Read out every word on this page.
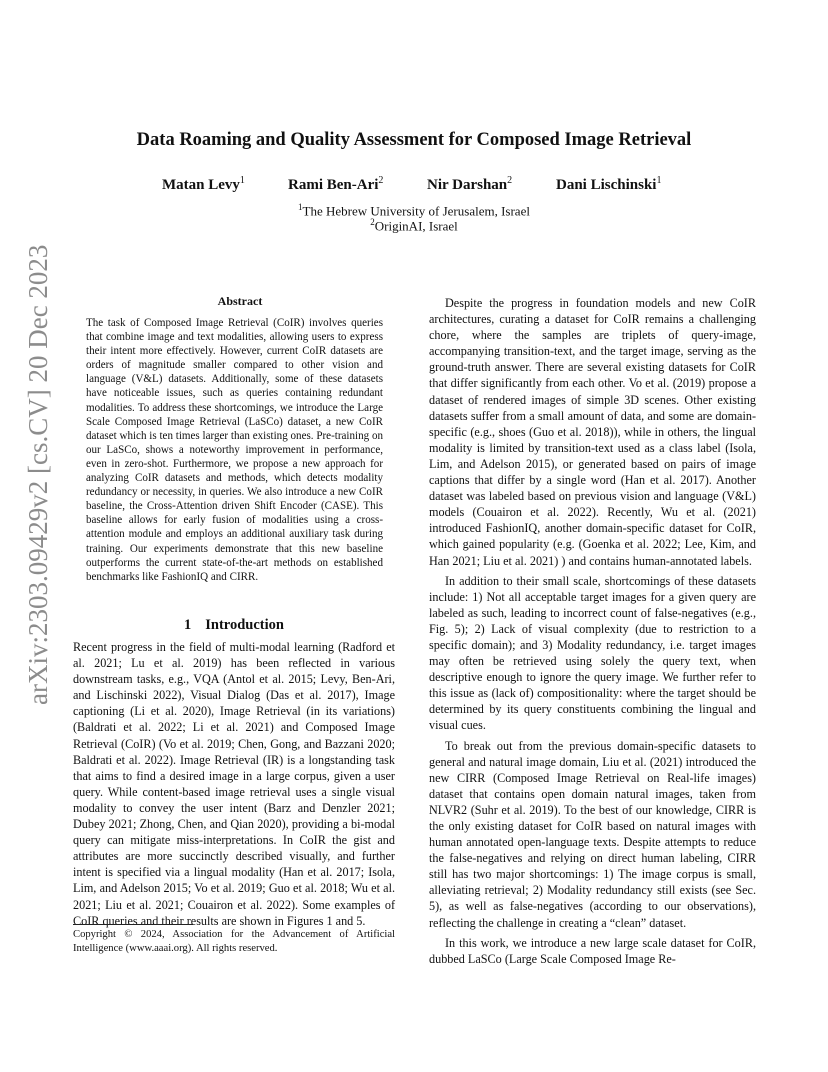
arXiv:2303.09429v2 [cs.CV] 20 Dec 2023
Data Roaming and Quality Assessment for Composed Image Retrieval
Matan Levy$^1$	Rami Ben-Ari$^2$	Nir Darshan$^2$	Dani Lischinski$^1$
$^1$The Hebrew University of Jerusalem, Israel
$^2$OriginAI, Israel
Abstract
The task of Composed Image Retrieval (CoIR) involves queries that combine image and text modalities, allowing users to express their intent more effectively. However, current CoIR datasets are orders of magnitude smaller compared to other vision and language (V&L) datasets. Additionally, some of these datasets have noticeable issues, such as queries containing redundant modalities. To address these shortcomings, we introduce the Large Scale Composed Image Retrieval (LaSCo) dataset, a new CoIR dataset which is ten times larger than existing ones. Pre-training on our LaSCo, shows a noteworthy improvement in performance, even in zero-shot. Furthermore, we propose a new approach for analyzing CoIR datasets and methods, which detects modality redundancy or necessity, in queries. We also introduce a new CoIR baseline, the Cross-Attention driven Shift Encoder (CASE). This baseline allows for early fusion of modalities using a cross-attention module and employs an additional auxiliary task during training. Our experiments demonstrate that this new baseline outperforms the current state-of-the-art methods on established benchmarks like FashionIQ and CIRR.
1 Introduction
Recent progress in the field of multi-modal learning (Radford et al. 2021; Lu et al. 2019) has been reflected in various downstream tasks, e.g., VQA (Antol et al. 2015; Levy, Ben-Ari, and Lischinski 2022), Visual Dialog (Das et al. 2017), Image captioning (Li et al. 2020), Image Retrieval (in its variations) (Baldrati et al. 2022; Li et al. 2021) and Composed Image Retrieval (CoIR) (Vo et al. 2019; Chen, Gong, and Bazzani 2020; Baldrati et al. 2022). Image Retrieval (IR) is a longstanding task that aims to find a desired image in a large corpus, given a user query. While content-based image retrieval uses a single visual modality to convey the user intent (Barz and Denzler 2021; Dubey 2021; Zhong, Chen, and Qian 2020), providing a bi-modal query can mitigate miss-interpretations. In CoIR the gist and attributes are more succinctly described visually, and further intent is specified via a lingual modality (Han et al. 2017; Isola, Lim, and Adelson 2015; Vo et al. 2019; Guo et al. 2018; Wu et al. 2021; Liu et al. 2021; Couairon et al. 2022). Some examples of CoIR queries and their results are shown in Figures 1 and 5.
Copyright © 2024, Association for the Advancement of Artificial Intelligence (www.aaai.org). All rights reserved.

Despite the progress in foundation models and new CoIR architectures, curating a dataset for CoIR remains a challenging chore, where the samples are triplets of query-image, accompanying transition-text, and the target image, serving as the ground-truth answer. There are several existing datasets for CoIR that differ significantly from each other. Vo et al. (2019) propose a dataset of rendered images of simple 3D scenes. Other existing datasets suffer from a small amount of data, and some are domain-specific (e.g., shoes (Guo et al. 2018)), while in others, the lingual modality is limited by transition-text used as a class label (Isola, Lim, and Adelson 2015), or generated based on pairs of image captions that differ by a single word (Han et al. 2017). Another dataset was labeled based on previous vision and language (V&L) models (Couairon et al. 2022). Recently, Wu et al. (2021) introduced FashionIQ, another domain-specific dataset for CoIR, which gained popularity (e.g. (Goenka et al. 2022; Lee, Kim, and Han 2021; Liu et al. 2021) ) and contains human-annotated labels.

In addition to their small scale, shortcomings of these datasets include: 1) Not all acceptable target images for a given query are labeled as such, leading to incorrect count of false-negatives (e.g., Fig. 5); 2) Lack of visual complexity (due to restriction to a specific domain); and 3) Modality redundancy, i.e. target images may often be retrieved using solely the query text, when descriptive enough to ignore the query image. We further refer to this issue as (lack of) compositionality: where the target should be determined by its query constituents combining the lingual and visual cues.

To break out from the previous domain-specific datasets to general and natural image domain, Liu et al. (2021) introduced the new CIRR (Composed Image Retrieval on Real-life images) dataset that contains open domain natural images, taken from NLVR2 (Suhr et al. 2019). To the best of our knowledge, CIRR is the only existing dataset for CoIR based on natural images with human annotated open-language texts. Despite attempts to reduce the false-negatives and relying on direct human labeling, CIRR still has two major shortcomings: 1) The image corpus is small, alleviating retrieval; 2) Modality redundancy still exists (see Sec. 5), as well as false-negatives (according to our observations), reflecting the challenge in creating a “clean” dataset.

In this work, we introduce a new large scale dataset for CoIR, dubbed LaSCo (Large Scale Composed Image Re-
